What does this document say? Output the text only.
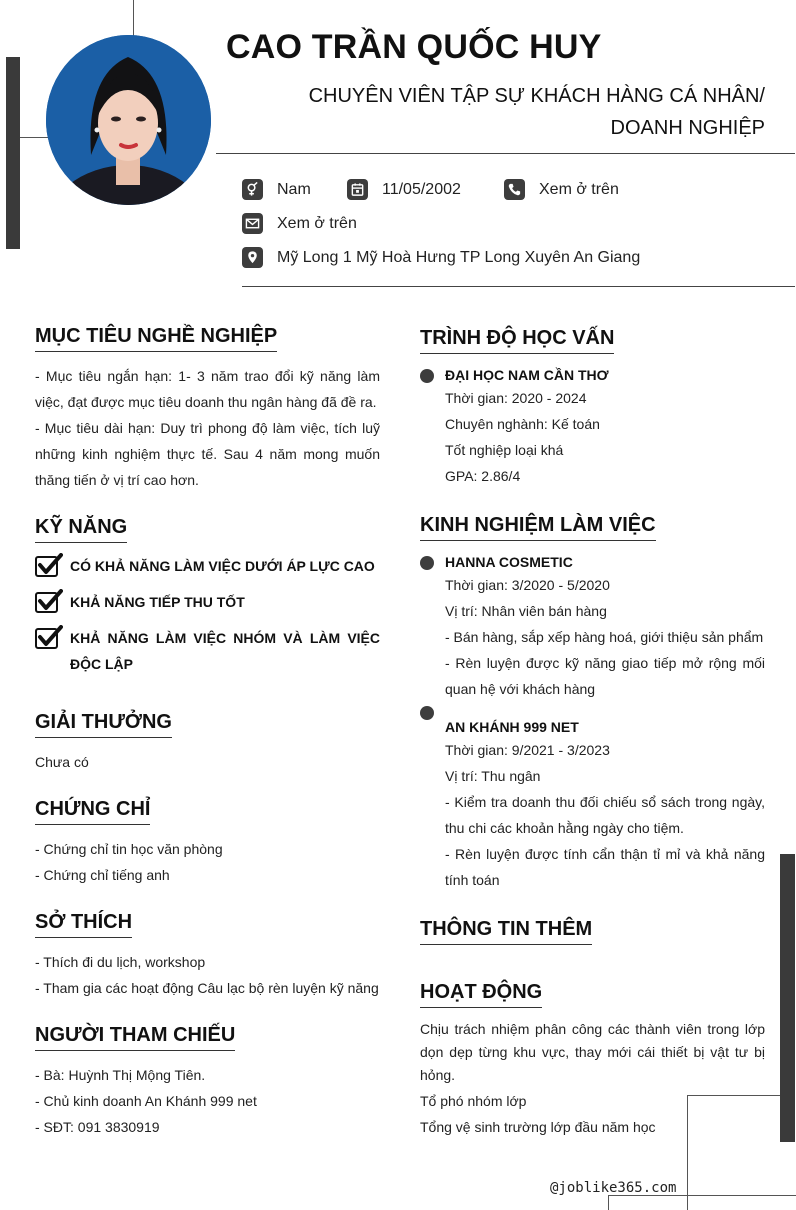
CAO TRẦN QUỐC HUY
CHUYÊN VIÊN TẬP SỰ KHÁCH HÀNG CÁ NHÂN/ DOANH NGHIỆP
Nam	11/05/2002	Xem ở trên
Xem ở trên
Mỹ Long 1 Mỹ Hoà Hưng TP Long Xuyên An Giang
MỤC TIÊU NGHỀ NGHIỆP

- Mục tiêu ngắn hạn: 1- 3 năm trao đổi kỹ năng làm việc, đạt được mục tiêu doanh thu ngân hàng đã đề ra.

- Mục tiêu dài hạn: Duy trì phong độ làm việc, tích luỹ những kinh nghiệm thực tế. Sau 4 năm mong muốn thăng tiến ở vị trí cao hơn.

KỸ NĂNG
CÓ KHẢ NĂNG LÀM VIỆC DƯỚI ÁP LỰC CAO
KHẢ NĂNG TIẾP THU TỐT
KHẢ NĂNG LÀM VIỆC NHÓM VÀ LÀM VIỆC ĐỘC LẬP
GIẢI THƯỞNG
Chưa có
CHỨNG CHỈ

- Chứng chỉ tin học văn phòng

- Chứng chỉ tiếng anh

SỞ THÍCH

- Thích đi du lịch, workshop

- Tham gia các hoạt động Câu lạc bộ rèn luyện kỹ năng

NGƯỜI THAM CHIẾU

- Bà: Huỳnh Thị Mộng Tiên.

- Chủ kinh doanh An Khánh 999 net

- SĐT: 091 3830919

TRÌNH ĐỘ HỌC VẤN
ĐẠI HỌC NAM CẦN THƠ

Thời gian: 2020 - 2024

Chuyên nghành: Kế toán

Tốt nghiệp loại khá

GPA: 2.86/4

KINH NGHIỆM LÀM VIỆC
HANNA COSMETIC

Thời gian: 3/2020 - 5/2020

Vị trí: Nhân viên bán hàng

- Bán hàng, sắp xếp hàng hoá, giới thiệu sản phẩm

- Rèn luyện được kỹ năng giao tiếp mở rộng mối quan hệ với khách hàng

AN KHÁNH 999 NET

Thời gian: 9/2021 - 3/2023

Vị trí: Thu ngân

- Kiểm tra doanh thu đối chiếu sổ sách trong ngày, thu chi các khoản hằng ngày cho tiệm.

- Rèn luyện được tính cẩn thận tỉ mỉ và khả năng tính toán

THÔNG TIN THÊM
HOẠT ĐỘNG
Chịu trách nhiệm phân công các thành viên trong lớp dọn dẹp từng khu vực, thay mới cái thiết bị vật tư bị hỏng.

Tổ phó nhóm lớp

Tổng vệ sinh trường lớp đầu năm học

@joblike365.com
